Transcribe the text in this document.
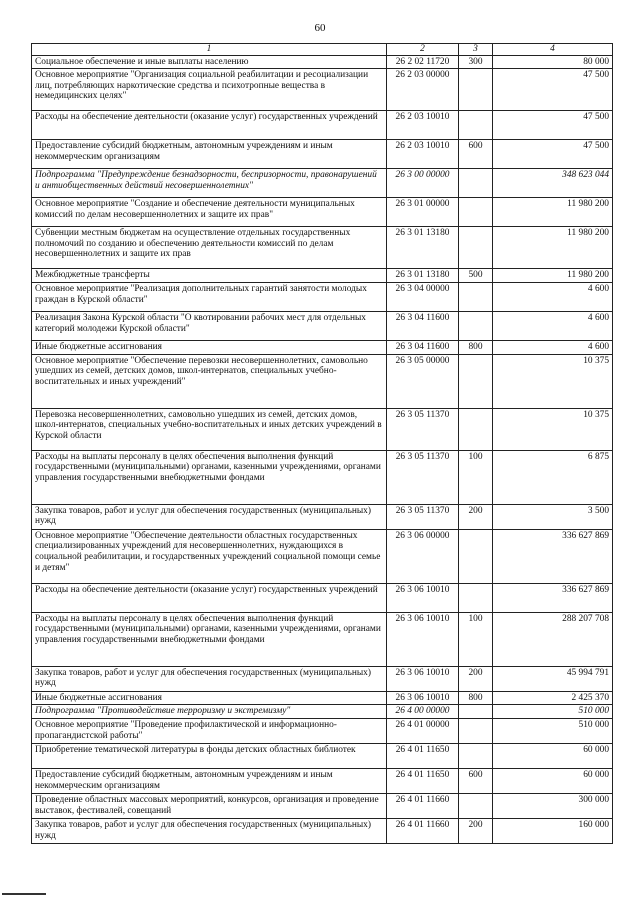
60
1	2	3	4
Социальное обеспечение и иные выплаты населению	26 2 02 11720	300	80 000
Основное мероприятие "Организация социальной реабилитации и ресоциализации лиц, потребляющих наркотические средства и психотропные вещества в немедицинских целях"	26 2 03 00000		47 500
Расходы на обеспечение деятельности (оказание услуг) государственных учреждений	26 2 03 10010		47 500
Предоставление субсидий бюджетным, автономным учреждениям и иным некоммерческим организациям	26 2 03 10010	600	47 500
Подпрограмма "Предупреждение безнадзорности, беспризорности, правонарушений и антиобщественных действий несовершеннолетних"	26 3 00 00000		348 623 044
Основное мероприятие "Создание и обеспечение деятельности муниципальных комиссий по делам несовершеннолетних и защите их прав"	26 3 01 00000		11 980 200
Субвенции местным бюджетам на осуществление отдельных государственных полномочий по созданию и обеспечению деятельности комиссий по делам несовершеннолетних и защите их прав	26 3 01 13180		11 980 200
Межбюджетные трансферты	26 3 01 13180	500	11 980 200
Основное мероприятие "Реализация дополнительных гарантий занятости молодых граждан в Курской области"	26 3 04 00000		4 600
Реализация Закона Курской области "О квотировании рабочих мест для отдельных категорий молодежи Курской области"	26 3 04 11600		4 600
Иные бюджетные ассигнования	26 3 04 11600	800	4 600
Основное мероприятие "Обеспечение перевозки несовершеннолетних, самовольно ушедших из семей, детских домов, школ-интернатов, специальных учебно-воспитательных и иных учреждений"	26 3 05 00000		10 375
Перевозка несовершеннолетних, самовольно ушедших из семей, детских домов, школ-интернатов, специальных учебно-воспитательных и иных детских учреждений в Курской области	26 3 05 11370		10 375
Расходы на выплаты персоналу в целях обеспечения выполнения функций государственными (муниципальными) органами, казенными учреждениями, органами управления государственными внебюджетными фондами	26 3 05 11370	100	6 875
Закупка товаров, работ и услуг для обеспечения государственных (муниципальных) нужд	26 3 05 11370	200	3 500
Основное мероприятие "Обеспечение деятельности областных государственных специализированных учреждений для несовершеннолетних, нуждающихся в социальной реабилитации, и государственных учреждений социальной помощи семье и детям"	26 3 06 00000		336 627 869
Расходы на обеспечение деятельности (оказание услуг) государственных учреждений	26 3 06 10010		336 627 869
Расходы на выплаты персоналу в целях обеспечения выполнения функций государственными (муниципальными) органами, казенными учреждениями, органами управления государственными внебюджетными фондами	26 3 06 10010	100	288 207 708
Закупка товаров, работ и услуг для обеспечения государственных (муниципальных) нужд	26 3 06 10010	200	45 994 791
Иные бюджетные ассигнования	26 3 06 10010	800	2 425 370
Подпрограмма "Противодействие терроризму и экстремизму"	26 4 00 00000		510 000
Основное мероприятие "Проведение профилактической и информационно-пропагандистской работы"	26 4 01 00000		510 000
Приобретение тематической литературы в фонды детских областных библиотек	26 4 01 11650		60 000
Предоставление субсидий бюджетным, автономным учреждениям и иным некоммерческим организациям	26 4 01 11650	600	60 000
Проведение областных массовых мероприятий, конкурсов, организация и проведение выставок, фестивалей, совещаний	26 4 01 11660		300 000
Закупка товаров, работ и услуг для обеспечения государственных (муниципальных) нужд	26 4 01 11660	200	160 000
